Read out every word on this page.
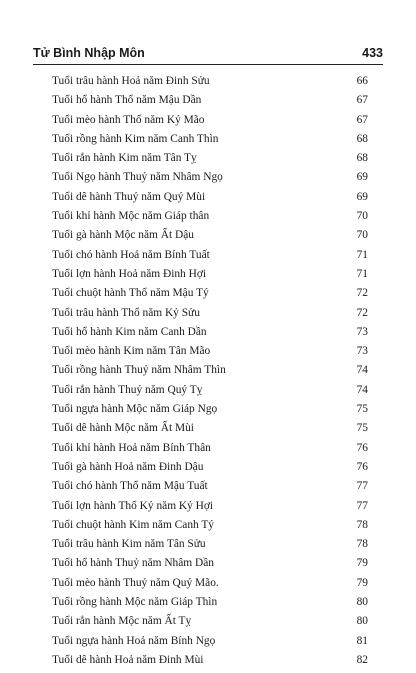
Tử Bình Nhập Môn	433
Tuổi trâu hành Hoả năm Đinh Sửu	66
Tuổi hổ hành Thổ năm Mậu Dần	67
Tuổi mèo hành Thổ năm Kỷ Mão	67
Tuổi rồng hành Kim năm Canh Thìn	68
Tuổi rắn hành Kim năm Tân Tỵ	68
Tuổi Ngọ hành Thuỷ năm Nhâm Ngọ	69
Tuổi dê hành Thuỷ năm Quý Mùi	69
Tuổi khỉ hành Mộc năm Giáp thân	70
Tuổi gà hành Mộc năm Ất Dậu	70
Tuổi chó hành Hoả năm Bính Tuất	71
Tuổi lợn hành Hoả năm Đinh Hợi	71
Tuổi chuột hành Thổ năm Mậu Tý	72
Tuổi trâu hành Thổ năm Kỷ Sửu	72
Tuổi hổ hành Kim năm Canh Dần	73
Tuổi mèo hành Kim năm Tân Mão	73
Tuổi rồng hành Thuỷ năm Nhâm Thìn	74
Tuổi rắn hành Thuỷ năm Quý Tỵ	74
Tuổi ngựa hành Mộc năm Giáp Ngọ	75
Tuổi dê hành Mộc năm Ất Mùi	75
Tuổi khỉ hành Hoả năm Bính Thân	76
Tuổi gà hành Hoả năm Đinh Dậu	76
Tuổi chó hành Thổ năm Mậu Tuất	77
Tuổi lợn hành Thổ Kỷ năm Kỷ Hợi	77
Tuổi chuột hành Kim năm Canh Tý	78
Tuổi trâu hành Kim năm Tân Sửu	78
Tuổi hổ hành Thuỷ năm Nhâm Dần	79
Tuổi mèo hành Thuỷ năm Quý Mão.	79
Tuổi rồng hành Mộc năm Giáp Thìn	80
Tuổi rắn hành Mộc năm Ất Tỵ	80
Tuổi ngựa hành Hoả năm Bính Ngọ	81
Tuổi dê hành Hoả năm Đinh Mùi	82
